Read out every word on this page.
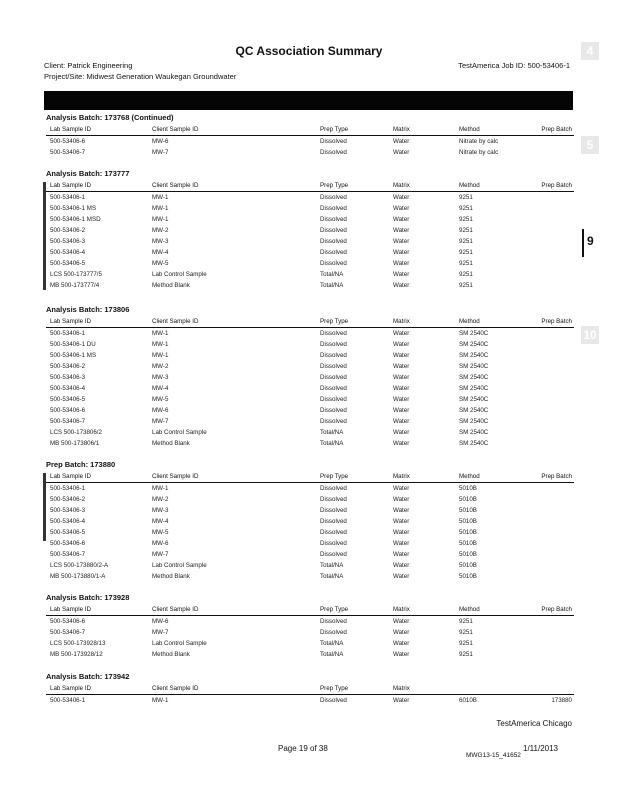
QC Association Summary
Client: Patrick Engineering	TestAmerica Job ID: 500-53406-1
Project/Site: Midwest Generation Waukegan Groundwater
Analysis Batch: 173768 (Continued)
Lab Sample ID	Client Sample ID	Prep Type	Matrix	Method	Prep Batch
500-53406-6	MW-6	Dissolved	Water	Nitrate by calc
500-53406-7	MW-7	Dissolved	Water	Nitrate by calc
Analysis Batch: 173777
Lab Sample ID	Client Sample ID	Prep Type	Matrix	Method	Prep Batch
500-53406-1	MW-1	Dissolved	Water	9251
500-53406-1 MS	MW-1	Dissolved	Water	9251
500-53406-1 MSD	MW-1	Dissolved	Water	9251
500-53406-2	MW-2	Dissolved	Water	9251
500-53406-3	MW-3	Dissolved	Water	9251
500-53406-4	MW-4	Dissolved	Water	9251
500-53406-5	MW-5	Dissolved	Water	9251
LCS 500-173777/5	Lab Control Sample	Total/NA	Water	9251
MB 500-173777/4	Method Blank	Total/NA	Water	9251
Analysis Batch: 173806
Lab Sample ID	Client Sample ID	Prep Type	Matrix	Method	Prep Batch
500-53406-1	MW-1	Dissolved	Water	SM 2540C
500-53406-1 DU	MW-1	Dissolved	Water	SM 2540C
500-53406-1 MS	MW-1	Dissolved	Water	SM 2540C
500-53406-2	MW-2	Dissolved	Water	SM 2540C
500-53406-3	MW-3	Dissolved	Water	SM 2540C
500-53406-4	MW-4	Dissolved	Water	SM 2540C
500-53406-5	MW-5	Dissolved	Water	SM 2540C
500-53406-6	MW-6	Dissolved	Water	SM 2540C
500-53406-7	MW-7	Dissolved	Water	SM 2540C
LCS 500-173806/2	Lab Control Sample	Total/NA	Water	SM 2540C
MB 500-173806/1	Method Blank	Total/NA	Water	SM 2540C
Prep Batch: 173880
Lab Sample ID	Client Sample ID	Prep Type	Matrix	Method	Prep Batch
500-53406-1	MW-1	Dissolved	Water	5010B
500-53406-2	MW-2	Dissolved	Water	5010B
500-53406-3	MW-3	Dissolved	Water	5010B
500-53406-4	MW-4	Dissolved	Water	5010B
500-53406-5	MW-5	Dissolved	Water	5010B
500-53406-6	MW-6	Dissolved	Water	5010B
500-53406-7	MW-7	Dissolved	Water	5010B
LCS 500-173880/2-A	Lab Control Sample	Total/NA	Water	5010B
MB 500-173880/1-A	Method Blank	Total/NA	Water	5010B
Analysis Batch: 173928
Lab Sample ID	Client Sample ID	Prep Type	Matrix	Method	Prep Batch
500-53406-6	MW-6	Dissolved	Water	9251
500-53406-7	MW-7	Dissolved	Water	9251
LCS 500-173928/13	Lab Control Sample	Total/NA	Water	9251
MB 500-173928/12	Method Blank	Total/NA	Water	9251
Analysis Batch: 173942
Lab Sample ID	Client Sample ID	Prep Type	Matrix
500-53406-1	MW-1	Dissolved	Water	6010B	173880
4
5
9
10
TestAmerica Chicago
Page 19 of 38	1/11/2013
MWG13-15_41652
